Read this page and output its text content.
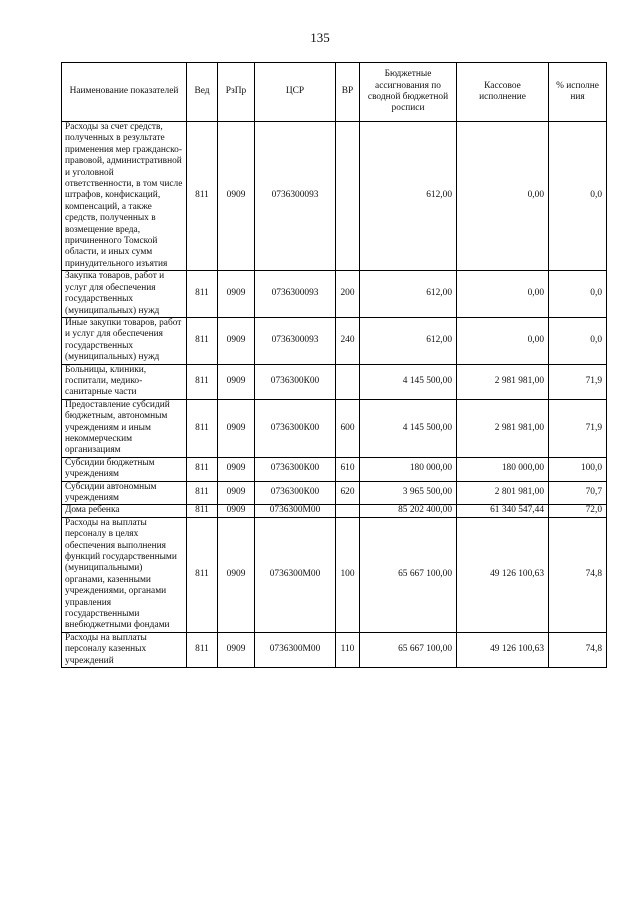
135
Наименование показателей	Вед	РзПр	ЦСР	ВР	Бюджетные ассигнования по сводной бюджетной росписи	Кассовое исполнение	% исполне ния
Расходы за счет средств, полученных в результате применения мер гражданско-правовой, административной и уголовной ответственности, в том числе штрафов, конфискаций, компенсаций, а также средств, полученных в возмещение вреда, причиненного Томской области, и иных сумм принудительного изъятия	811	0909	0736300093		612,00	0,00	0,0
Закупка товаров, работ и услуг для обеспечения государственных (муниципальных) нужд	811	0909	0736300093	200	612,00	0,00	0,0
Иные закупки товаров, работ и услуг для обеспечения государственных (муниципальных) нужд	811	0909	0736300093	240	612,00	0,00	0,0
Больницы, клиники, госпитали, медико-санитарные части	811	0909	0736300К00		4 145 500,00	2 981 981,00	71,9
Предоставление субсидий бюджетным, автономным учреждениям и иным некоммерческим организациям	811	0909	0736300К00	600	4 145 500,00	2 981 981,00	71,9
Субсидии бюджетным учреждениям	811	0909	0736300К00	610	180 000,00	180 000,00	100,0
Субсидии автономным учреждениям	811	0909	0736300К00	620	3 965 500,00	2 801 981,00	70,7
Дома ребенка	811	0909	0736300М00		85 202 400,00	61 340 547,44	72,0
Расходы на выплаты персоналу в целях обеспечения выполнения функций государственными (муниципальными) органами, казенными учреждениями, органами управления государственными внебюджетными фондами	811	0909	0736300М00	100	65 667 100,00	49 126 100,63	74,8
Расходы на выплаты персоналу казенных учреждений	811	0909	0736300М00	110	65 667 100,00	49 126 100,63	74,8
